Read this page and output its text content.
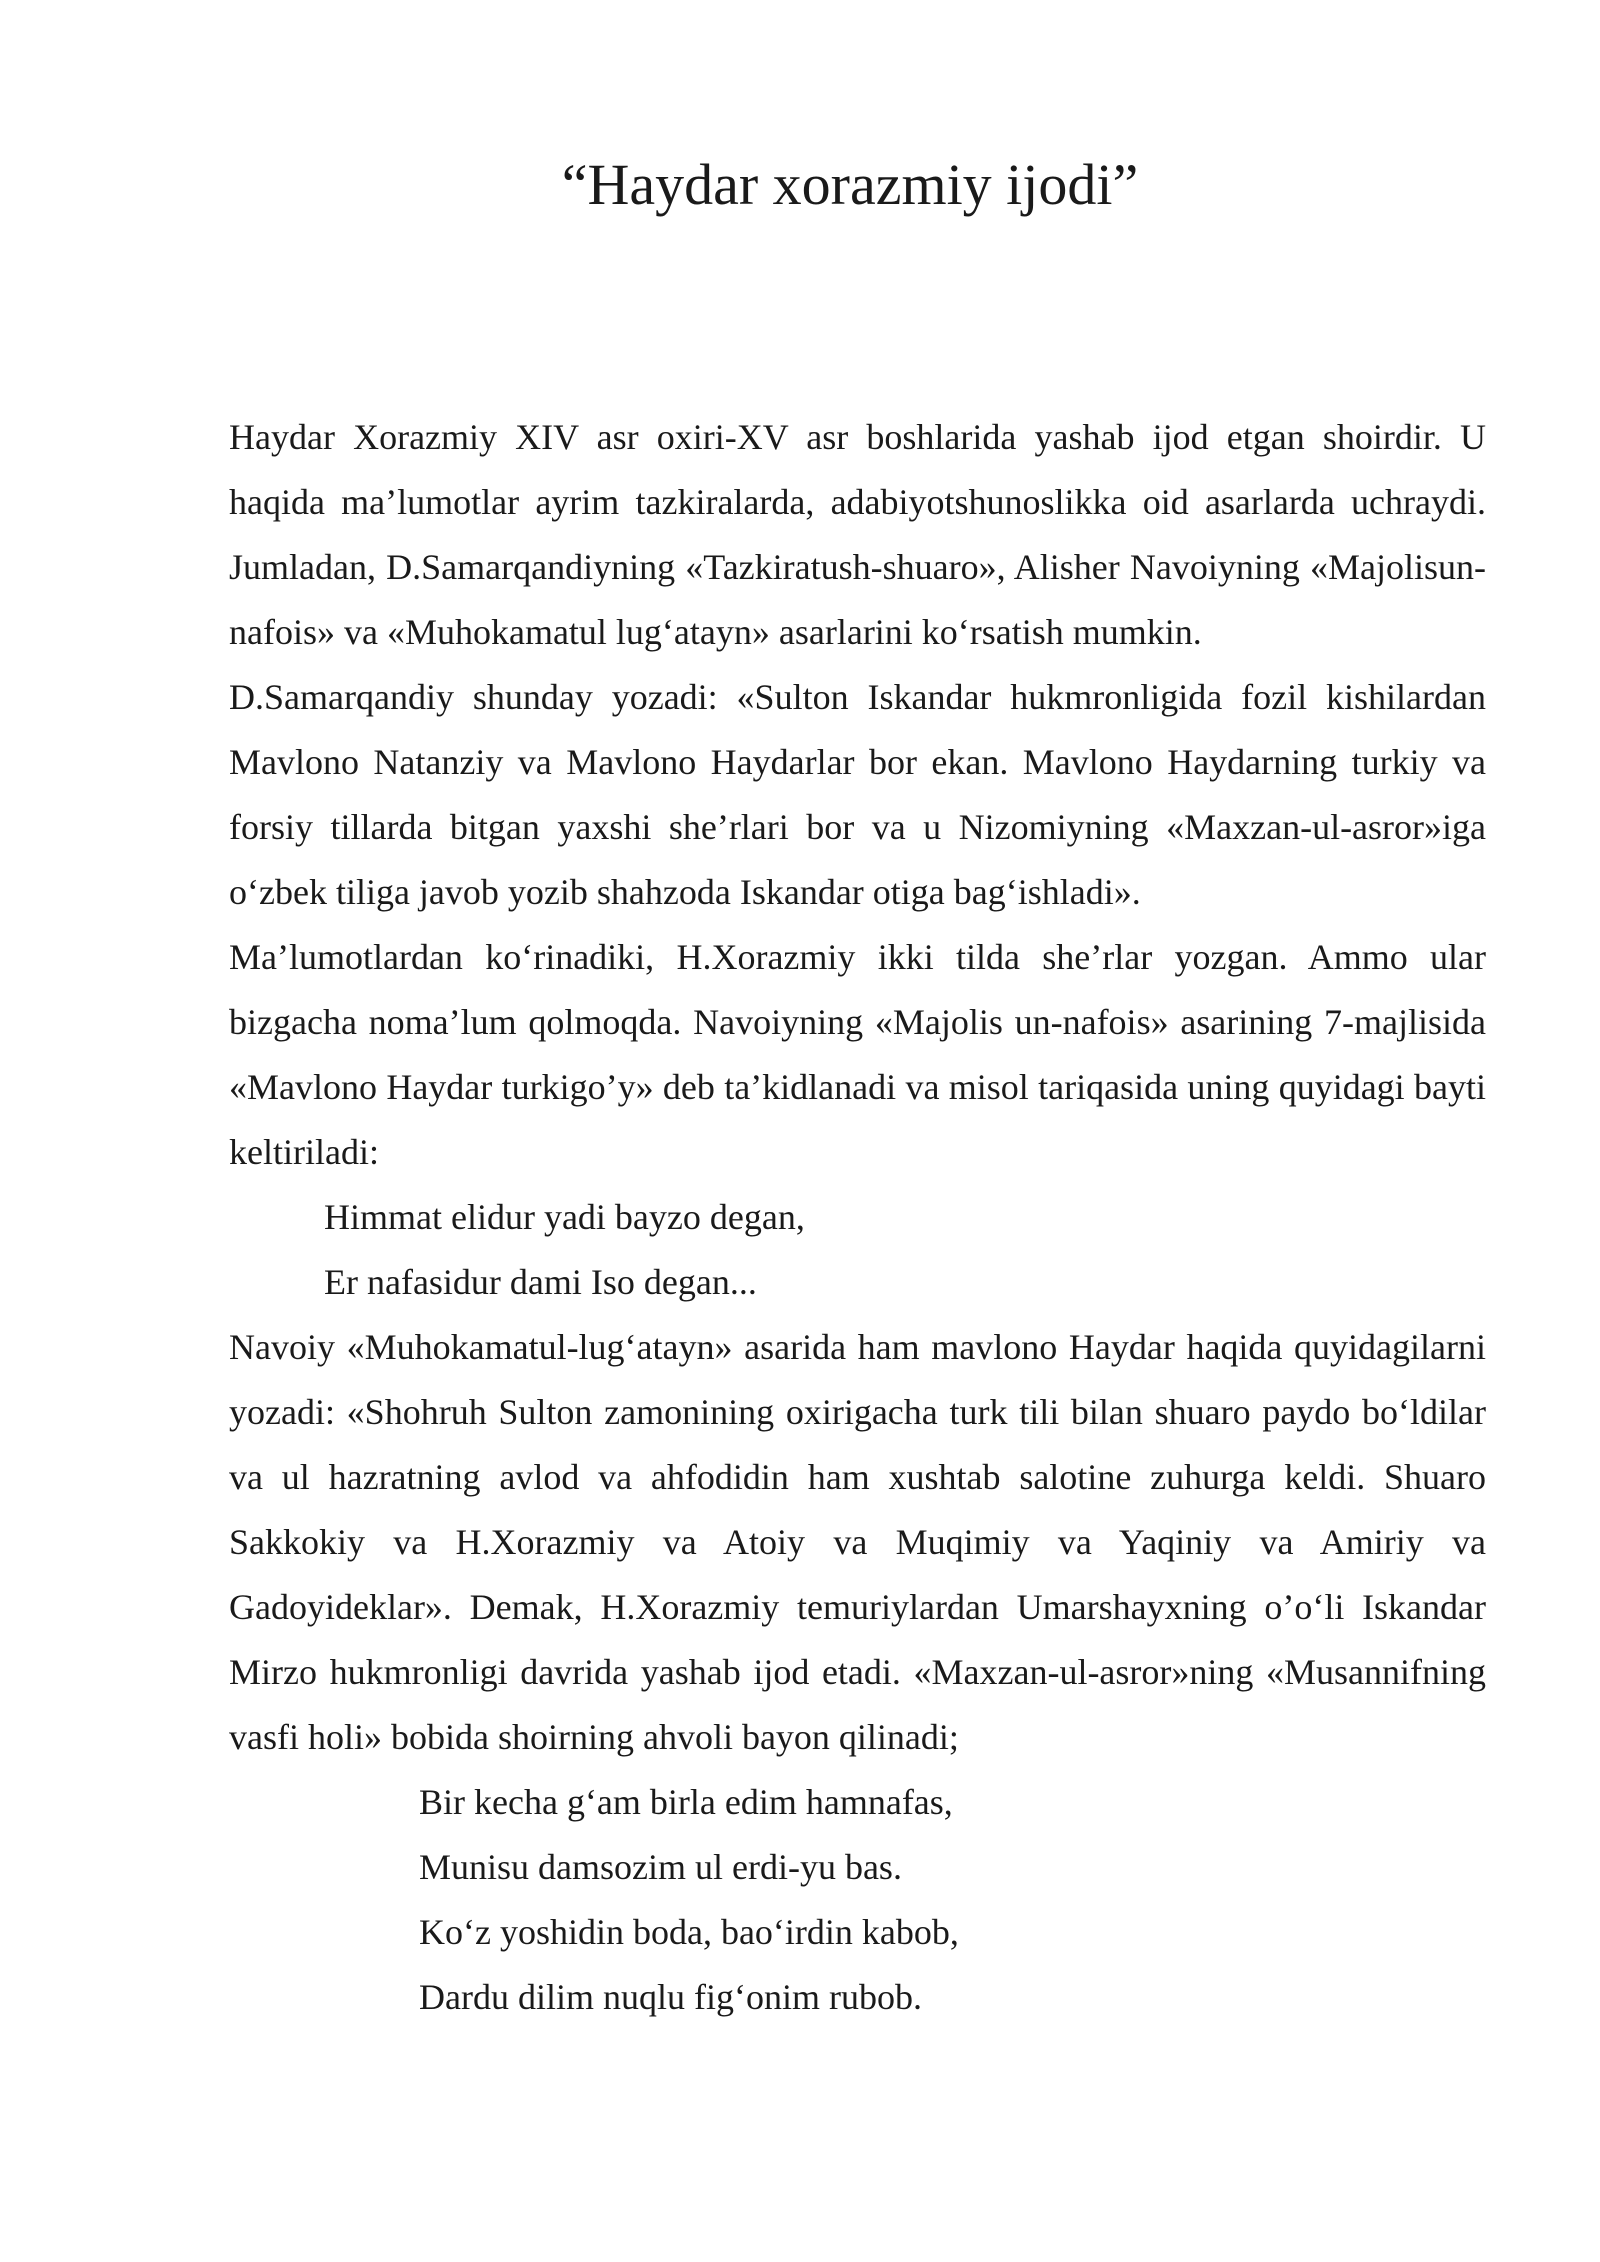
“Haydar xorazmiy ijodi”

Haydar Xorazmiy XIV asr oxiri-XV asr boshlarida yashab ijod etgan shoirdir. U haqida ma’lumotlar ayrim tazkiralarda, adabiyotshunoslikka oid asarlarda uchraydi. Jumladan, D.Samarqandiyning «Tazkiratush-shuaro», Alisher Navoiyning «Majolisun-nafois» va «Muhokamatul lug‘atayn» asarlarini ko‘rsatish mumkin.

D.Samarqandiy shunday yozadi: «Sulton Iskandar hukmronligida fozil kishilardan Mavlono Natanziy va Mavlono Haydarlar bor ekan. Mavlono Haydarning turkiy va forsiy tillarda bitgan yaxshi she’rlari bor va u Nizomiyning «Maxzan-ul-asror»iga o‘zbek tiliga javob yozib shahzoda Iskandar otiga bag‘ishladi».

Ma’lumotlardan ko‘rinadiki, H.Xorazmiy ikki tilda she’rlar yozgan. Ammo ular bizgacha noma’lum qolmoqda. Navoiyning «Majolis un-nafois» asarining 7-majlisida «Mavlono Haydar turkigo’y» deb ta’kidlanadi va misol tariqasida uning quyidagi bayti keltiriladi:

Himmat elidur yadi bayzo degan,
Er nafasidur dami Iso degan...

Navoiy «Muhokamatul-lug‘atayn» asarida ham mavlono Haydar haqida quyidagilarni yozadi: «Shohruh Sulton zamonining oxirigacha turk tili bilan shuaro paydo bo‘ldilar va ul hazratning avlod va ahfodidin ham xushtab salotine zuhurga keldi. Shuaro Sakkokiy va H.Xorazmiy va Atoiy va Muqimiy va Yaqiniy va Amiriy va Gadoyideklar». Demak, H.Xorazmiy temuriylardan Umarshayxning o’o‘li Iskandar Mirzo hukmronligi davrida yashab ijod etadi. «Maxzan-ul-asror»ning «Musannifning vasfi holi» bobida shoirning ahvoli bayon qilinadi;

Bir kecha g‘am birla edim hamnafas,
Munisu damsozim ul erdi-yu bas.
Ko‘z yoshidin boda, bao‘irdin kabob,
Dardu dilim nuqlu fig‘onim rubob.
